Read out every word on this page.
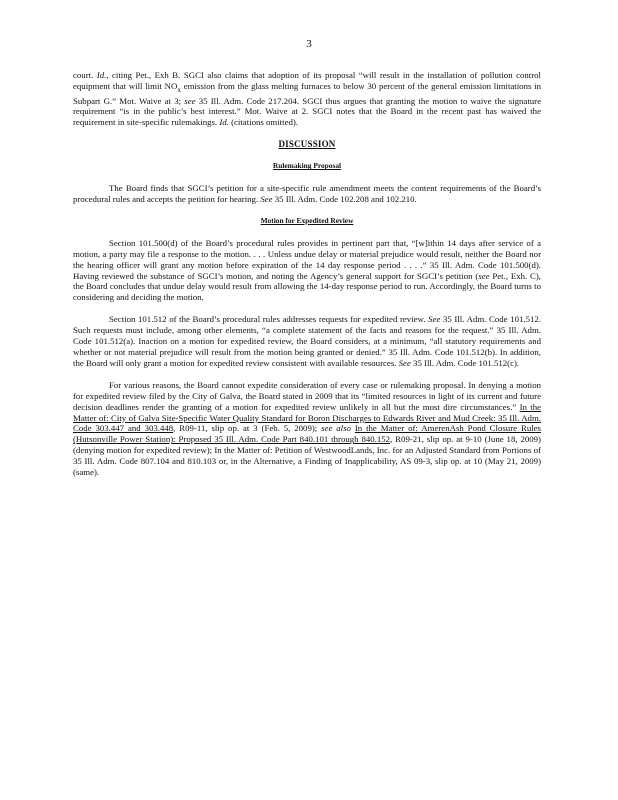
3

court. Id., citing Pet., Exh B. SGCI also claims that adoption of its proposal “will result in the installation of pollution control equipment that will limit $NO_x$ emission from the glass melting furnaces to below 30 percent of the general emission limitations in Subpart G.” Mot. Waive at 3; see 35 Ill. Adm. Code 217.204. SGCI thus argues that granting the motion to waive the signature requirement “is in the public’s best interest.” Mot. Waive at 2. SGCI notes that the Board in the recent past has waived the requirement in site-specific rulemakings. Id. (citations omitted).

DISCUSSION
Rulemaking Proposal

The Board finds that SGCI’s petition for a site-specific rule amendment meets the content requirements of the Board’s procedural rules and accepts the petition for hearing. See 35 Ill. Adm. Code 102.208 and 102.210.

Motion for Expedited Review

Section 101.500(d) of the Board’s procedural rules provides in pertinent part that, “[w]ithin 14 days after service of a motion, a party may file a response to the motion. . . . Unless undue delay or material prejudice would result, neither the Board nor the hearing officer will grant any motion before expiration of the 14 day response period . . . .” 35 Ill. Adm. Code 101.500(d). Having reviewed the substance of SGCI’s motion, and noting the Agency’s general support for SGCI’s petition (see Pet., Exh. C), the Board concludes that undue delay would result from allowing the 14-day response period to run. Accordingly, the Board turns to considering and deciding the motion.

Section 101.512 of the Board’s procedural rules addresses requests for expedited review. See 35 Ill. Adm. Code 101.512. Such requests must include, among other elements, “a complete statement of the facts and reasons for the request.” 35 Ill. Adm. Code 101.512(a). Inaction on a motion for expedited review, the Board considers, at a minimum, “all statutory requirements and whether or not material prejudice will result from the motion being granted or denied.” 35 Ill. Adm. Code 101.512(b). In addition, the Board will only grant a motion for expedited review consistent with available resources. See 35 Ill. Adm. Code 101.512(c).

For various reasons, the Board cannot expedite consideration of every case or rulemaking proposal. In denying a motion for expedited review filed by the City of Galva, the Board stated in 2009 that its “limited resources in light of its current and future decision deadlines render the granting of a motion for expedited review unlikely in all but the most dire circumstances.” In the Matter of: City of Galva Site-Specific Water Quality Standard for Boron Discharges to Edwards River and Mud Creek: 35 Ill. Adm. Code 303.447 and 303.448, R09-11, slip op. at 3 (Feb. 5, 2009); see also In the Matter of: AmerenAsh Pond Closure Rules (Hutsonville Power Station): Proposed 35 Ill. Adm. Code Part 840.101 through 840.152, R09-21, slip op. at 9-10 (June 18, 2009) (denying motion for expedited review); In the Matter of: Petition of WestwoodLands, Inc. for an Adjusted Standard from Portions of 35 Ill. Adm. Code 807.104 and 810.103 or, in the Alternative, a Finding of Inapplicability, AS 09-3, slip op. at 10 (May 21, 2009) (same).
